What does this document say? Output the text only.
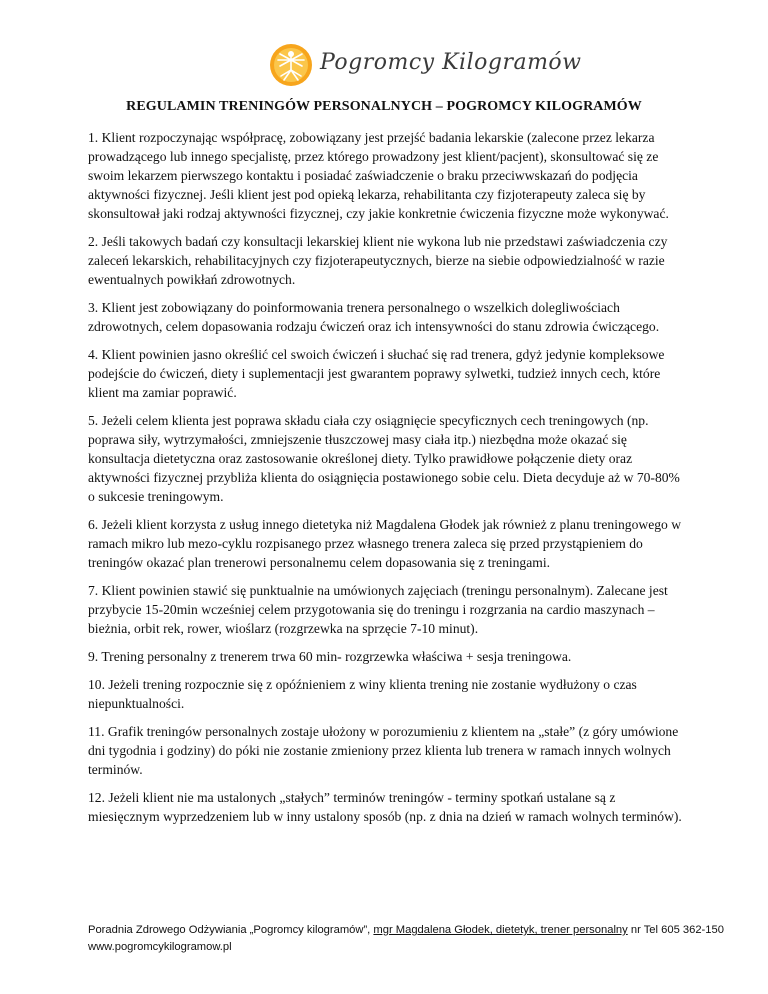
Pogromcy Kilogramów
REGULAMIN TRENINGÓW PERSONALNYCH – POGROMCY KILOGRAMÓW

1. Klient rozpoczynając współpracę, zobowiązany jest przejść badania lekarskie (zalecone przez lekarza prowadzącego lub innego specjalistę, przez którego prowadzony jest klient/pacjent), skonsultować się ze swoim lekarzem pierwszego kontaktu i posiadać zaświadczenie o braku przeciwwskazań do podjęcia aktywności fizycznej. Jeśli klient jest pod opieką lekarza, rehabilitanta czy fizjoterapeuty zaleca się by skonsultował jaki rodzaj aktywności fizycznej, czy jakie konkretnie ćwiczenia fizyczne może wykonywać.

2. Jeśli takowych badań czy konsultacji lekarskiej klient nie wykona lub nie przedstawi zaświadczenia czy zaleceń lekarskich, rehabilitacyjnych czy fizjoterapeutycznych, bierze na siebie odpowiedzialność w razie ewentualnych powikłań zdrowotnych.

3. Klient jest zobowiązany do poinformowania trenera personalnego o wszelkich dolegliwościach zdrowotnych, celem dopasowania rodzaju ćwiczeń oraz ich intensywności do stanu zdrowia ćwiczącego.

4. Klient powinien jasno określić cel swoich ćwiczeń i słuchać się rad trenera, gdyż jedynie kompleksowe podejście do ćwiczeń, diety i suplementacji jest gwarantem poprawy sylwetki, tudzież innych cech, które klient ma zamiar poprawić.

5. Jeżeli celem klienta jest poprawa składu ciała czy osiągnięcie specyficznych cech treningowych (np. poprawa siły, wytrzymałości, zmniejszenie tłuszczowej masy ciała itp.) niezbędna może okazać się konsultacja dietetyczna oraz zastosowanie określonej diety. Tylko prawidłowe połączenie diety oraz aktywności fizycznej przybliża klienta do osiągnięcia postawionego sobie celu. Dieta decyduje aż w 70-80% o sukcesie treningowym.

6. Jeżeli klient korzysta z usług innego dietetyka niż Magdalena Głodek jak również z planu treningowego w ramach mikro lub mezo-cyklu rozpisanego przez własnego trenera zaleca się przed przystąpieniem do treningów okazać plan trenerowi personalnemu celem dopasowania się z treningami.

7. Klient powinien stawić się punktualnie na umówionych zajęciach (treningu personalnym). Zalecane jest przybycie 15-20min wcześniej celem przygotowania się do treningu i rozgrzania na cardio maszynach – bieżnia, orbit rek, rower, wioślarz (rozgrzewka na sprzęcie 7-10 minut).

9. Trening personalny z trenerem trwa 60 min- rozgrzewka właściwa + sesja treningowa.

10. Jeżeli trening rozpocznie się z opóźnieniem z winy klienta trening nie zostanie wydłużony o czas niepunktualności.

11. Grafik treningów personalnych zostaje ułożony w porozumieniu z klientem na „stałe” (z góry umówione dni tygodnia i godziny) do póki nie zostanie zmieniony przez klienta lub trenera w ramach innych wolnych terminów.

12. Jeżeli klient nie ma ustalonych „stałych” terminów treningów - terminy spotkań ustalane są z miesięcznym wyprzedzeniem lub w inny ustalony sposób (np. z dnia na dzień w ramach wolnych terminów).

Poradnia Zdrowego Odżywiania „Pogromcy kilogramów”, mgr Magdalena Głodek, dietetyk, trener personalny nr Tel 605 362-150
www.pogromcykilogramow.pl
